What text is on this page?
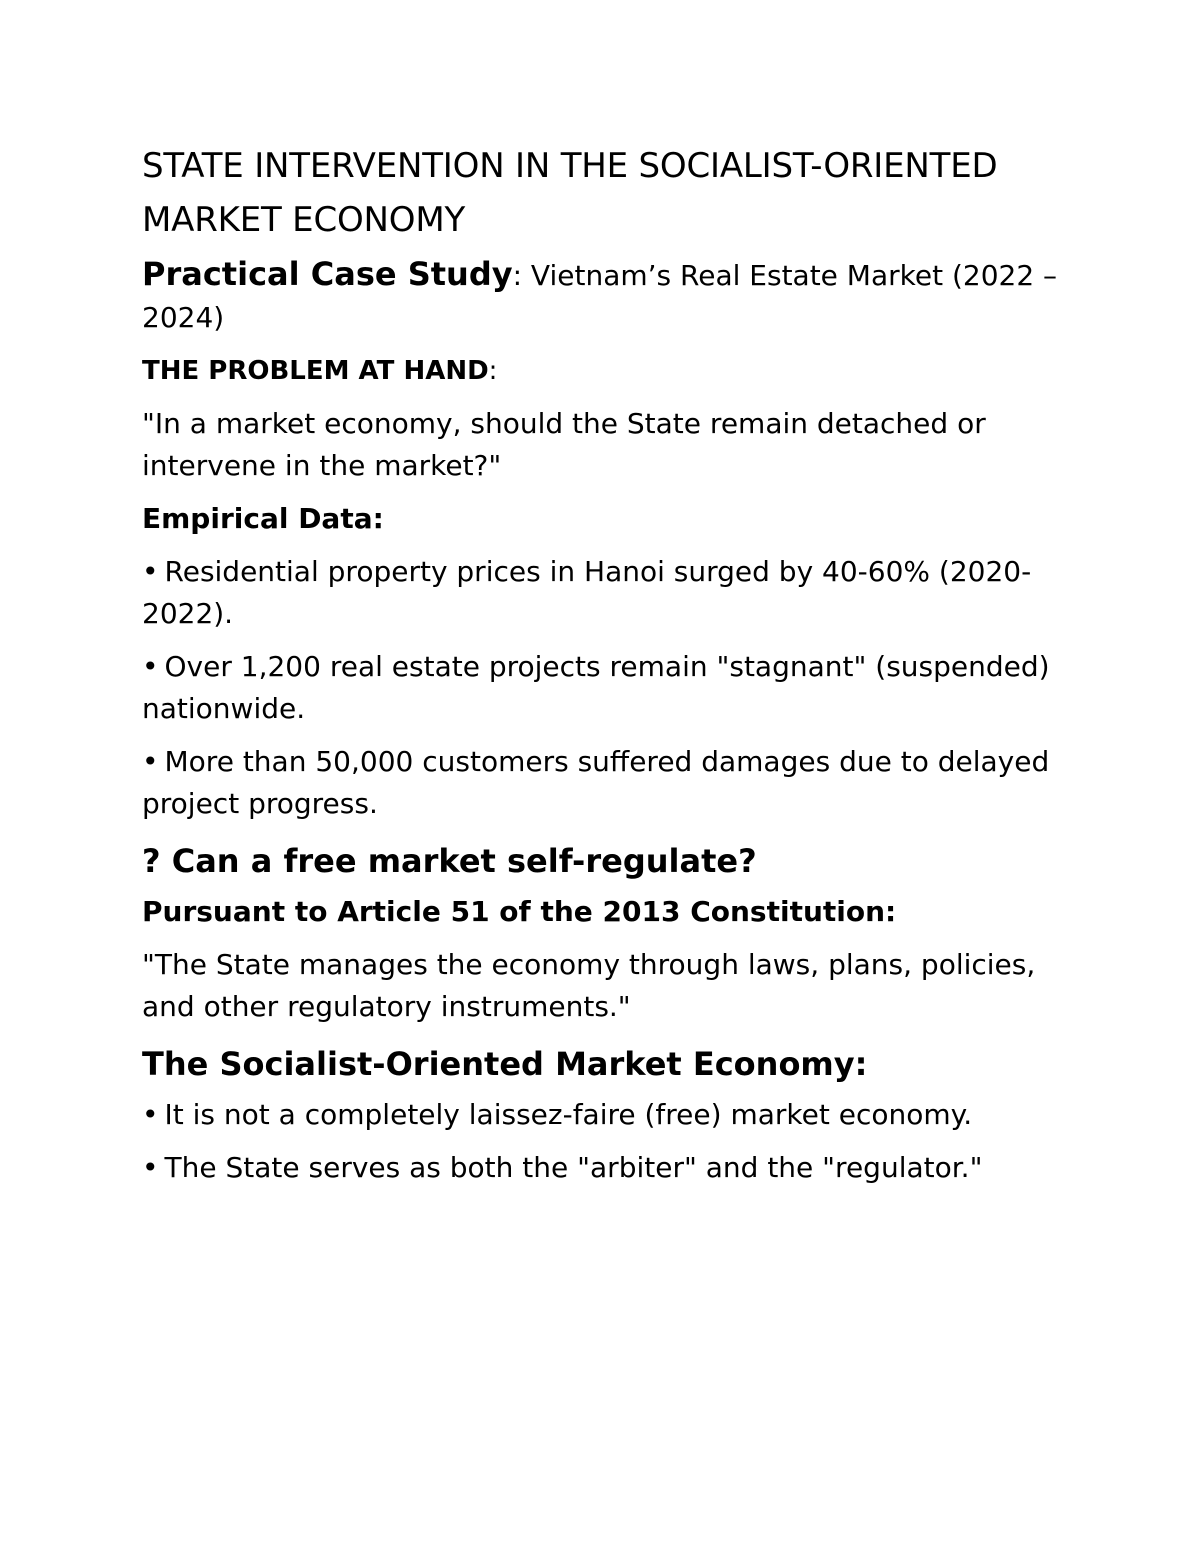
STATE INTERVENTION IN THE SOCIALIST-ORIENTED MARKET ECONOMY
Practical Case Study: Vietnam’s Real Estate Market (2022 – 2024)
THE PROBLEM AT HAND:
"In a market economy, should the State remain detached or intervene in the market?"
Empirical Data:
• Residential property prices in Hanoi surged by 40-60% (2020-2022).
• Over 1,200 real estate projects remain "stagnant" (suspended) nationwide.
• More than 50,000 customers suffered damages due to delayed project progress.
? Can a free market self-regulate?
Pursuant to Article 51 of the 2013 Constitution:
"The State manages the economy through laws, plans, policies, and other regulatory instruments."
The Socialist-Oriented Market Economy:
• It is not a completely laissez-faire (free) market economy.
• The State serves as both the "arbiter" and the "regulator."
